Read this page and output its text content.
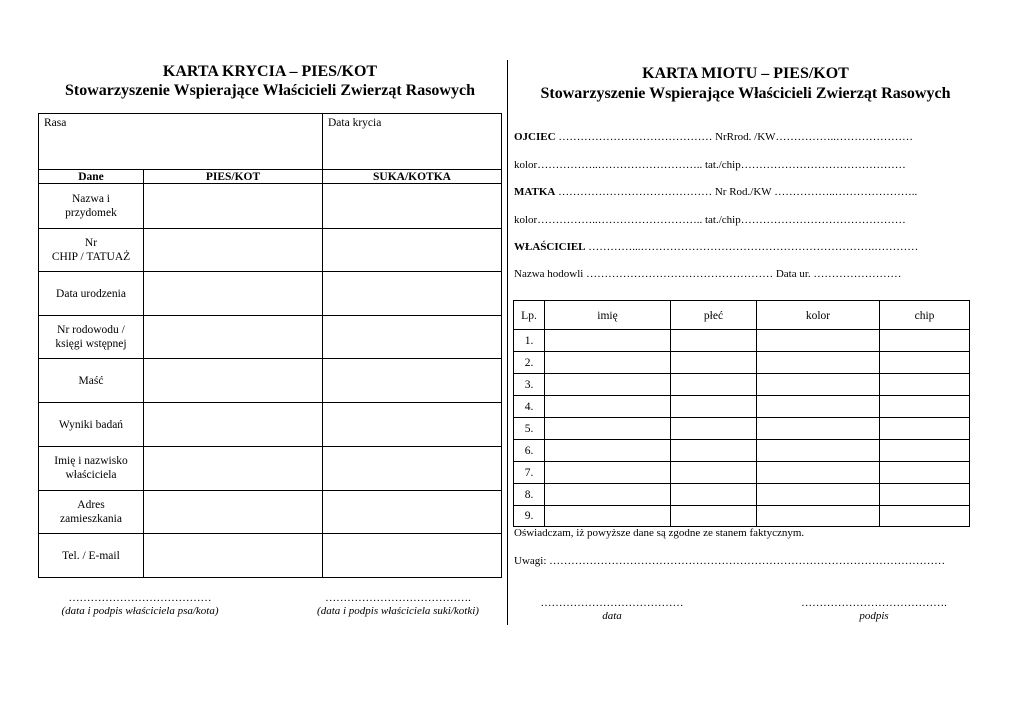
KARTA KRYCIA – PIES/KOT
Stowarzyszenie Wspierające Właścicieli Zwierząt Rasowych
KARTA MIOTU – PIES/KOT
Stowarzyszenie Wspierające Właścicieli Zwierząt Rasowych
Rasa	Data krycia
Dane	PIES/KOT	SUKA/KOTKA
Nazwa i
przydomek
Nr
CHIP / TATUAŻ
Data urodzenia
Nr rodowodu /
księgi wstępnej
Maść
Wyniki badań
Imię i nazwisko
właściciela
Adres
zamieszkania
Tel. / E-mail
…………………………………
(data i podpis właściciela psa/kota)
………………………………….
(data i podpis właściciela suki/kotki)
OJCIEC …………………………………… NrRrod. /KW……………..…………………
kolor……………..……………………….. tat./chip………………………………………
MATKA …………………………………… Nr Rod./KW ……………..…………………..
kolor……………..……………………….. tat./chip………………………………………
WŁAŚCICIEL …………...……………………………………………………….…………
Nazwa hodowli …………………………………………… Data ur. ……………………
Lp.	imię	płeć	kolor	chip
1.
2.
3.
4.
5.
6.
7.
8.
9.
Oświadczam, iż powyższe dane są zgodne ze stanem faktycznym.
Uwagi: ………………………………………………………………………………………………
…………………………………
data
………………………………….
podpis
